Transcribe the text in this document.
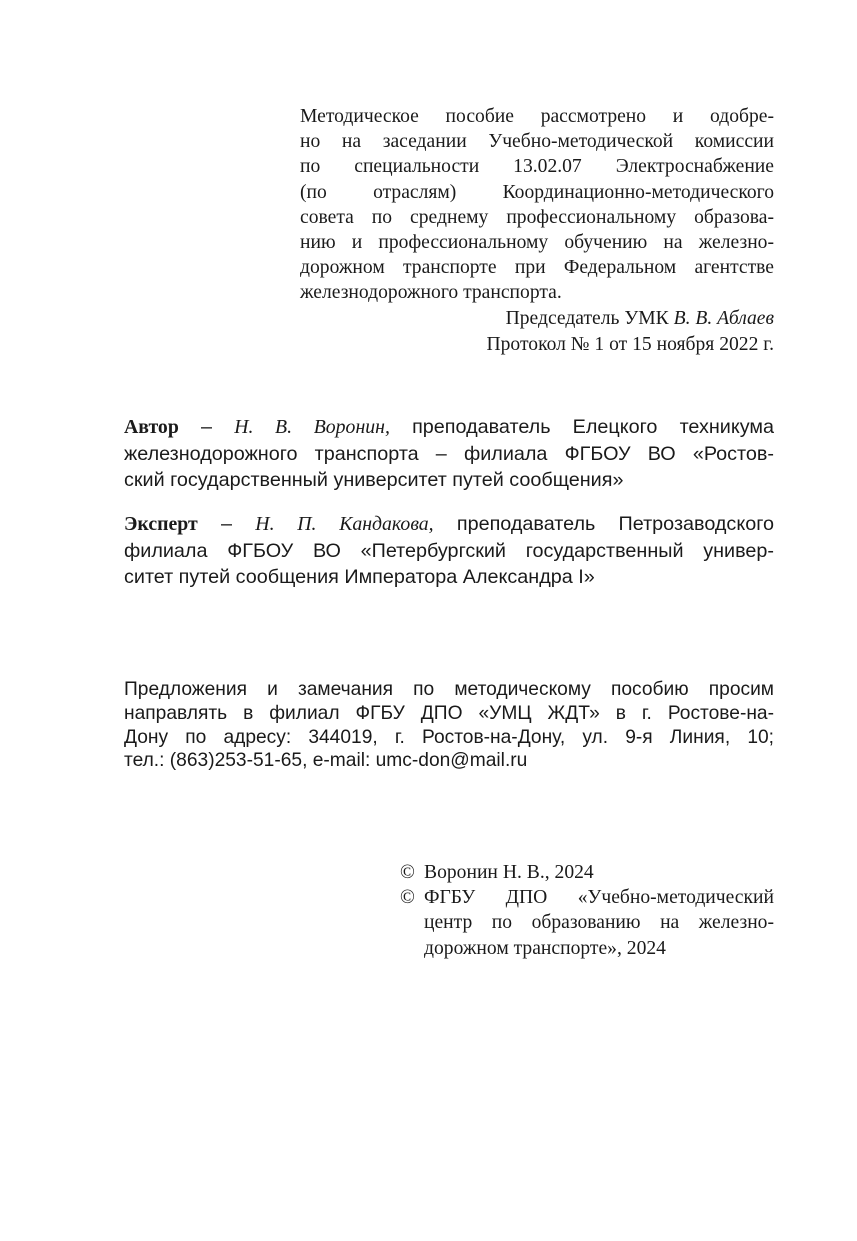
Методическое пособие рассмотрено и одобре-
но на заседании Учебно-методической комиссии
по специальности 13.02.07 Электроснабжение
(по отраслям) Координационно-методического
совета по среднему профессиональному образова-
нию и профессиональному обучению на железно-
дорожном транспорте при Федеральном агентстве
железнодорожного транспорта.
Председатель УМК В. В. Аблаев
Протокол № 1 от 15 ноября 2022 г.
Автор – Н. В. Воронин, преподаватель Елецкого техникума
железнодорожного транспорта – филиала ФГБОУ ВО «Ростов-
ский государственный университет путей сообщения»
Эксперт – Н. П. Кандакова, преподаватель Петрозаводского
филиала ФГБОУ ВО «Петербургский государственный универ-
ситет путей сообщения Императора Александра I»
Предложения и замечания по методическому пособию просим
направлять в филиал ФГБУ ДПО «УМЦ ЖДТ» в г. Ростове-на-
Дону по адресу: 344019, г. Ростов-на-Дону, ул. 9-я Линия, 10;
тел.: (863)253-51-65, e-mail: umc-don@mail.ru
© Воронин Н. В., 2024
© ФГБУ ДПО «Учебно-методический
центр по образованию на железно-
дорожном транспорте», 2024
